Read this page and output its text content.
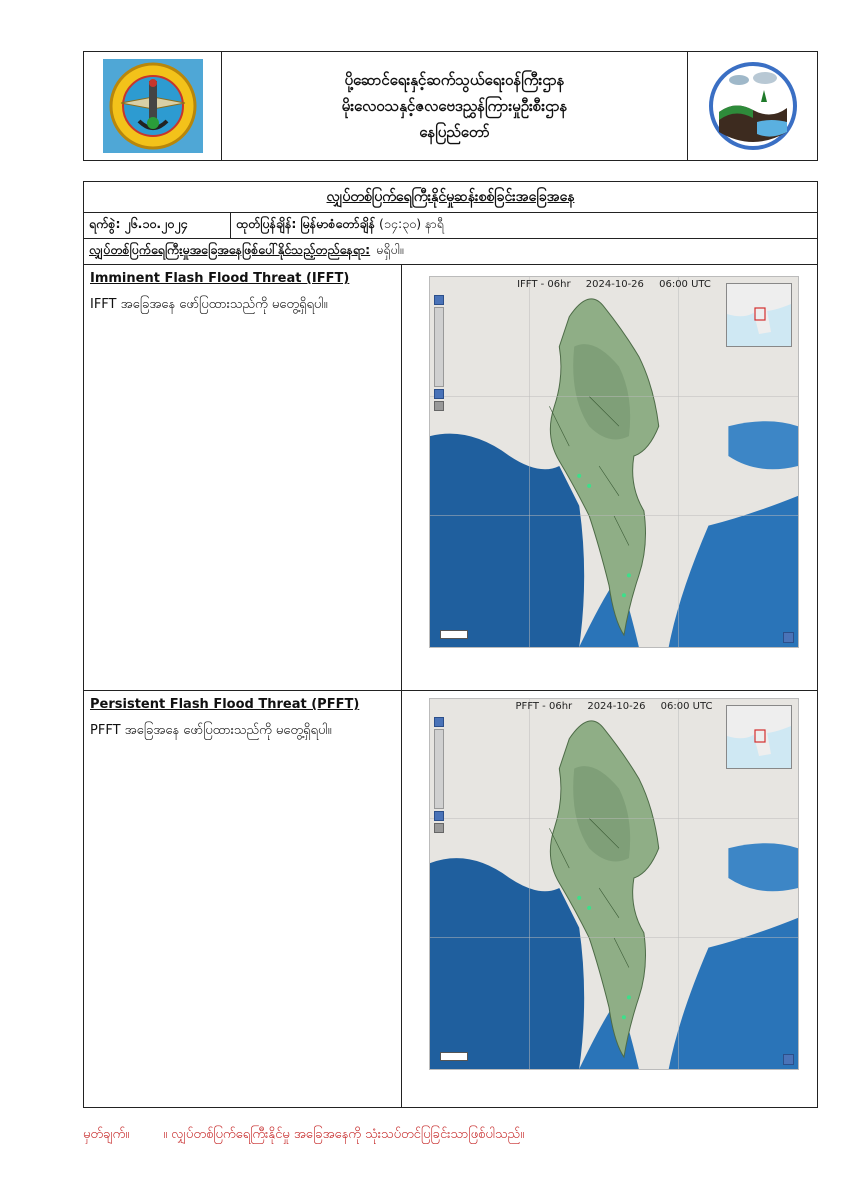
ပို့ဆောင်ရေးနှင့်ဆက်သွယ်ရေးဝန်ကြီးဌာန
မိုးလေဝသနှင့်ဇလဗေဒညွှန်ကြားမှုဦးစီးဌာန
နေပြည်တော်
လျှပ်တစ်ပြက်ရေကြီးနိုင်မှုဆန်းစစ်ခြင်းအခြေအနေ
ရက်စွဲ:
၂၆.၁၀.၂၀၂၄	ထုတ်ပြန်ချိန်:
မြန်မာစံတော်ချိန်
(၁၄:၃၀) နာရီ
လျှပ်တစ်ပြက်ရေကြီးမှုအခြေအနေဖြစ်ပေါ်နိုင်သည့်တည်နေရာ: မရှိပါ။
Imminent Flash Flood Threat (IFFT)
IFFT အခြေအနေ ဖော်ပြထားသည်ကို မတွေ့ရှိရပါ။
IFFT - 06hr 2024-10-26 06:00 UTC
Persistent Flash Flood Threat (PFFT)
PFFT အခြေအနေ ဖော်ပြထားသည်ကို မတွေ့ရှိရပါ။
PFFT - 06hr 2024-10-26 06:00 UTC
မှတ်ချက်။	။ လျှပ်တစ်ပြက်ရေကြီးနိုင်မှု အခြေအနေကို သုံးသပ်တင်ပြခြင်းသာဖြစ်ပါသည်။
